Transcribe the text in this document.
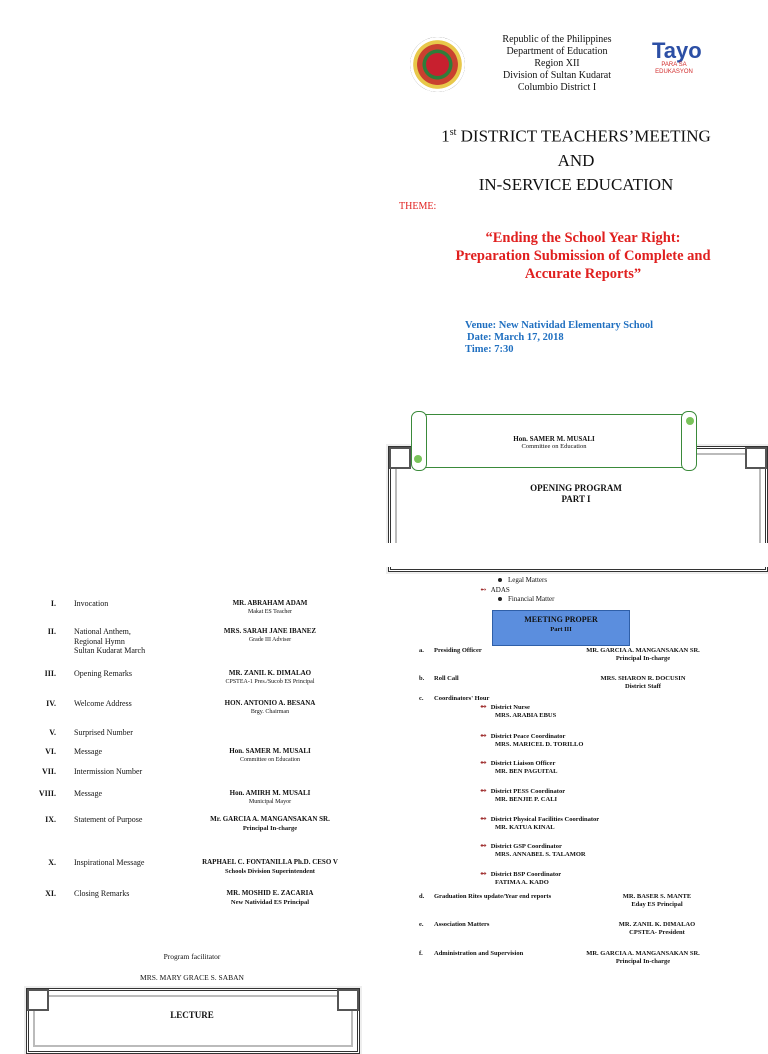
Republic of the Philippines
Department of Education
Region XII
Division of Sultan Kudarat
Columbio District I
Tayo
PARA SA
EDUKASYON
1st DISTRICT TEACHERS’MEETING
AND
IN-SERVICE EDUCATION
THEME:
“Ending the School Year Right:
Preparation Submission of Complete and
Accurate Reports”
Venue: New Natividad Elementary School
Date: March 17, 2018
Time: 7:30
Hon. SAMER M. MUSALI
Committee on Education
OPENING PROGRAM
PART I
I. Invocation	MR. ABRAHAM ADAM
Makat ES Teacher
II. National Anthem,
Regional Hymn
Sultan Kudarat March
MRS. SARAH JANE IBANEZ
Grade III Adviser
III. Opening Remarks	MR. ZANIL K. DIMALAO
CPSTEA-1 Pres./Sucob ES Principal
IV. Welcome Address	HON. ANTONIO A. BESANA
Brgy. Chairman
V. Surprised Number
VI. Message	Hon. SAMER M. MUSALI
Committee on Education
VII. Intermission Number
VIII. Message	Hon. AMIRH M. MUSALI
Municipal Mayor
IX. Statement of Purpose	Mr. GARCIA A. MANGANSAKAN SR.
Principal In-charge
X. Inspirational Message	RAPHAEL C. FONTANILLA Ph.D. CESO V
Schools Division Superintendent
XI. Closing Remarks	MR. MOSHID E. ZACARIA
New Natividad ES Principal
Program facilitator
MRS. MARY GRACE S. SABAN
LECTURE
Legal Matters
➻ ADAS
Financial Matter
MEETING PROPER
Part III
a. Presiding Officer	MR. GARCIA A. MANGANSAKAN SR.
Principal In-charge
b. Roll Call	MRS. SHARON R. DOCUSIN
District Staff
c. Coordinators' Hour
➻ District Nurse
MRS. ARABIA EBUS
➻ District Peace Coordinator
MRS. MARICEL D. TORILLO
➻ District Liaison Officer
MR. BEN PAGUITAL
➻ District PESS Coordinator
MR. BENJIE P. CALI
➻ District Physical Facilities Coordinator
MR. KATUA KINAL
➻ District GSP Coordinator
MRS. ANNABEL S. TALAMOR
➻ District BSP Coordinator
FATIMA A. KADO
d. Graduation Rites update/Year end reports	MR. BASER S. MANTE
Eday ES Principal
e. Association Matters	MR. ZANIL K. DIMALAO
CPSTEA- President
f. Administration and Supervision	MR. GARCIA A. MANGANSAKAN SR.
Principal In-charge
